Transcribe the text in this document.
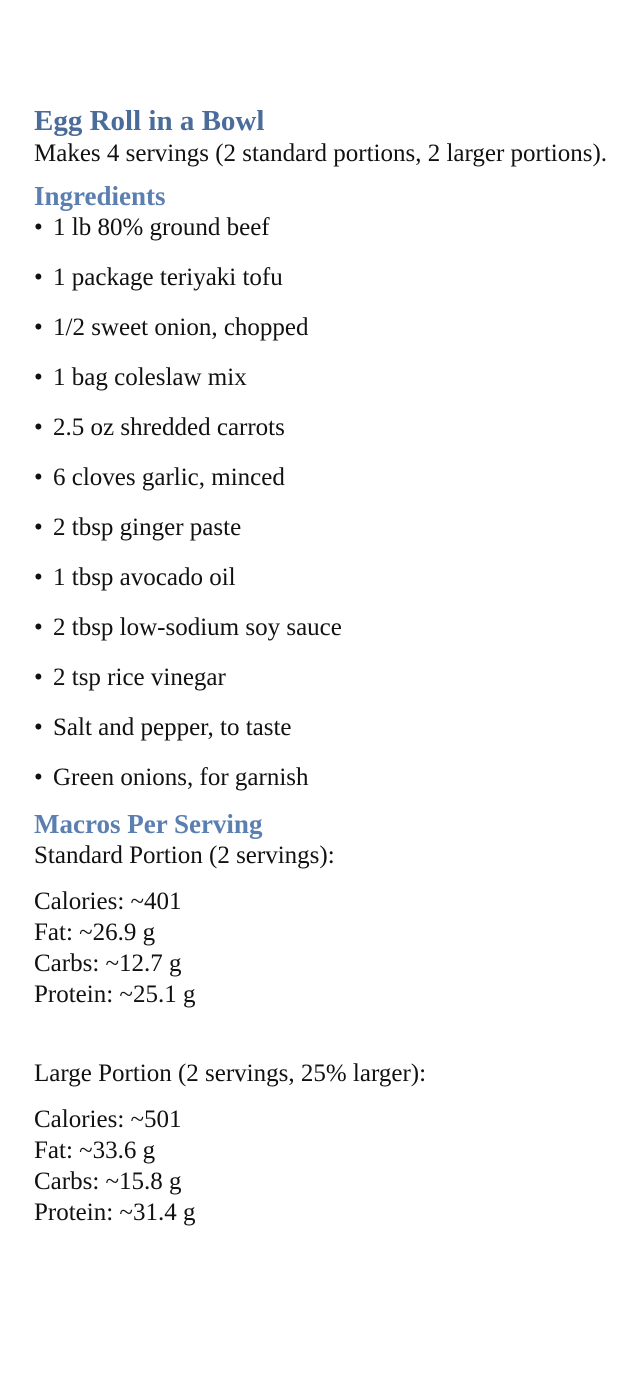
Egg Roll in a Bowl

Makes 4 servings (2 standard portions, 2 larger portions).

Ingredients
• 1 lb 80% ground beef
• 1 package teriyaki tofu
• 1/2 sweet onion, chopped
• 1 bag coleslaw mix
• 2.5 oz shredded carrots
• 6 cloves garlic, minced
• 2 tbsp ginger paste
• 1 tbsp avocado oil
• 2 tbsp low-sodium soy sauce
• 2 tsp rice vinegar
• Salt and pepper, to taste
• Green onions, for garnish
Macros Per Serving

Standard Portion (2 servings):

Calories: ~401
Fat: ~26.9 g
Carbs: ~12.7 g
Protein: ~25.1 g

Large Portion (2 servings, 25% larger):

Calories: ~501
Fat: ~33.6 g
Carbs: ~15.8 g
Protein: ~31.4 g
